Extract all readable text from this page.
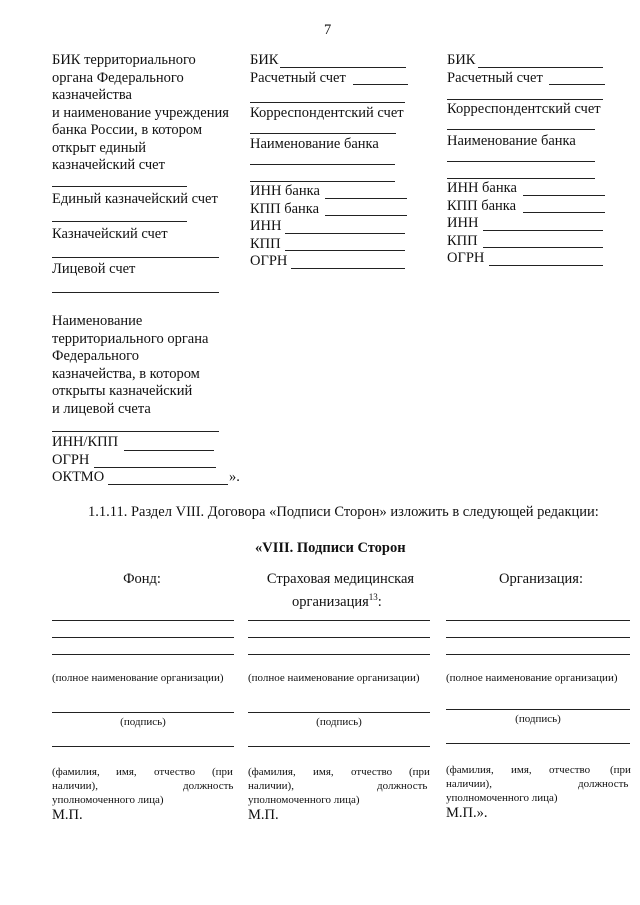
7
БИК территориального
органа Федерального
казначейства
и наименование учреждения
банка России, в котором
открыт единый
казначейский счет
Единый казначейский счет
Казначейский счет
Лицевой счет
Наименование
территориального органа
Федерального
казначейства, в котором
открыты казначейский
и лицевой счета
ИНН/КПП
ОГРН
ОКТМО	».
БИК
Расчетный счет
Корреспондентский счет
Наименование банка
ИНН банка
КПП банка
ИНН
КПП
ОГРН
БИК
Расчетный счет
Корреспондентский счет
Наименование банка
ИНН банка
КПП банка
ИНН
КПП
ОГРН
1.1.11. Раздел VIII. Договора «Подписи Сторон» изложить в следующей редакции:
«VIII. Подписи Сторон
Фонд:
(полное наименование организации)
(подпись)
(фамилия, имя, отчество (при
наличии),	должность
уполномоченного лица)
М.П.
Страховая медицинская
организация$^{13}$:
(полное наименование организации)
(подпись)
(фамилия, имя, отчество (при
наличии),	должность
уполномоченного лица)
М.П.
Организация:
(полное наименование организации)
(подпись)
(фамилия, имя, отчество (при
наличии),	должность
уполномоченного лица)
М.П.».
